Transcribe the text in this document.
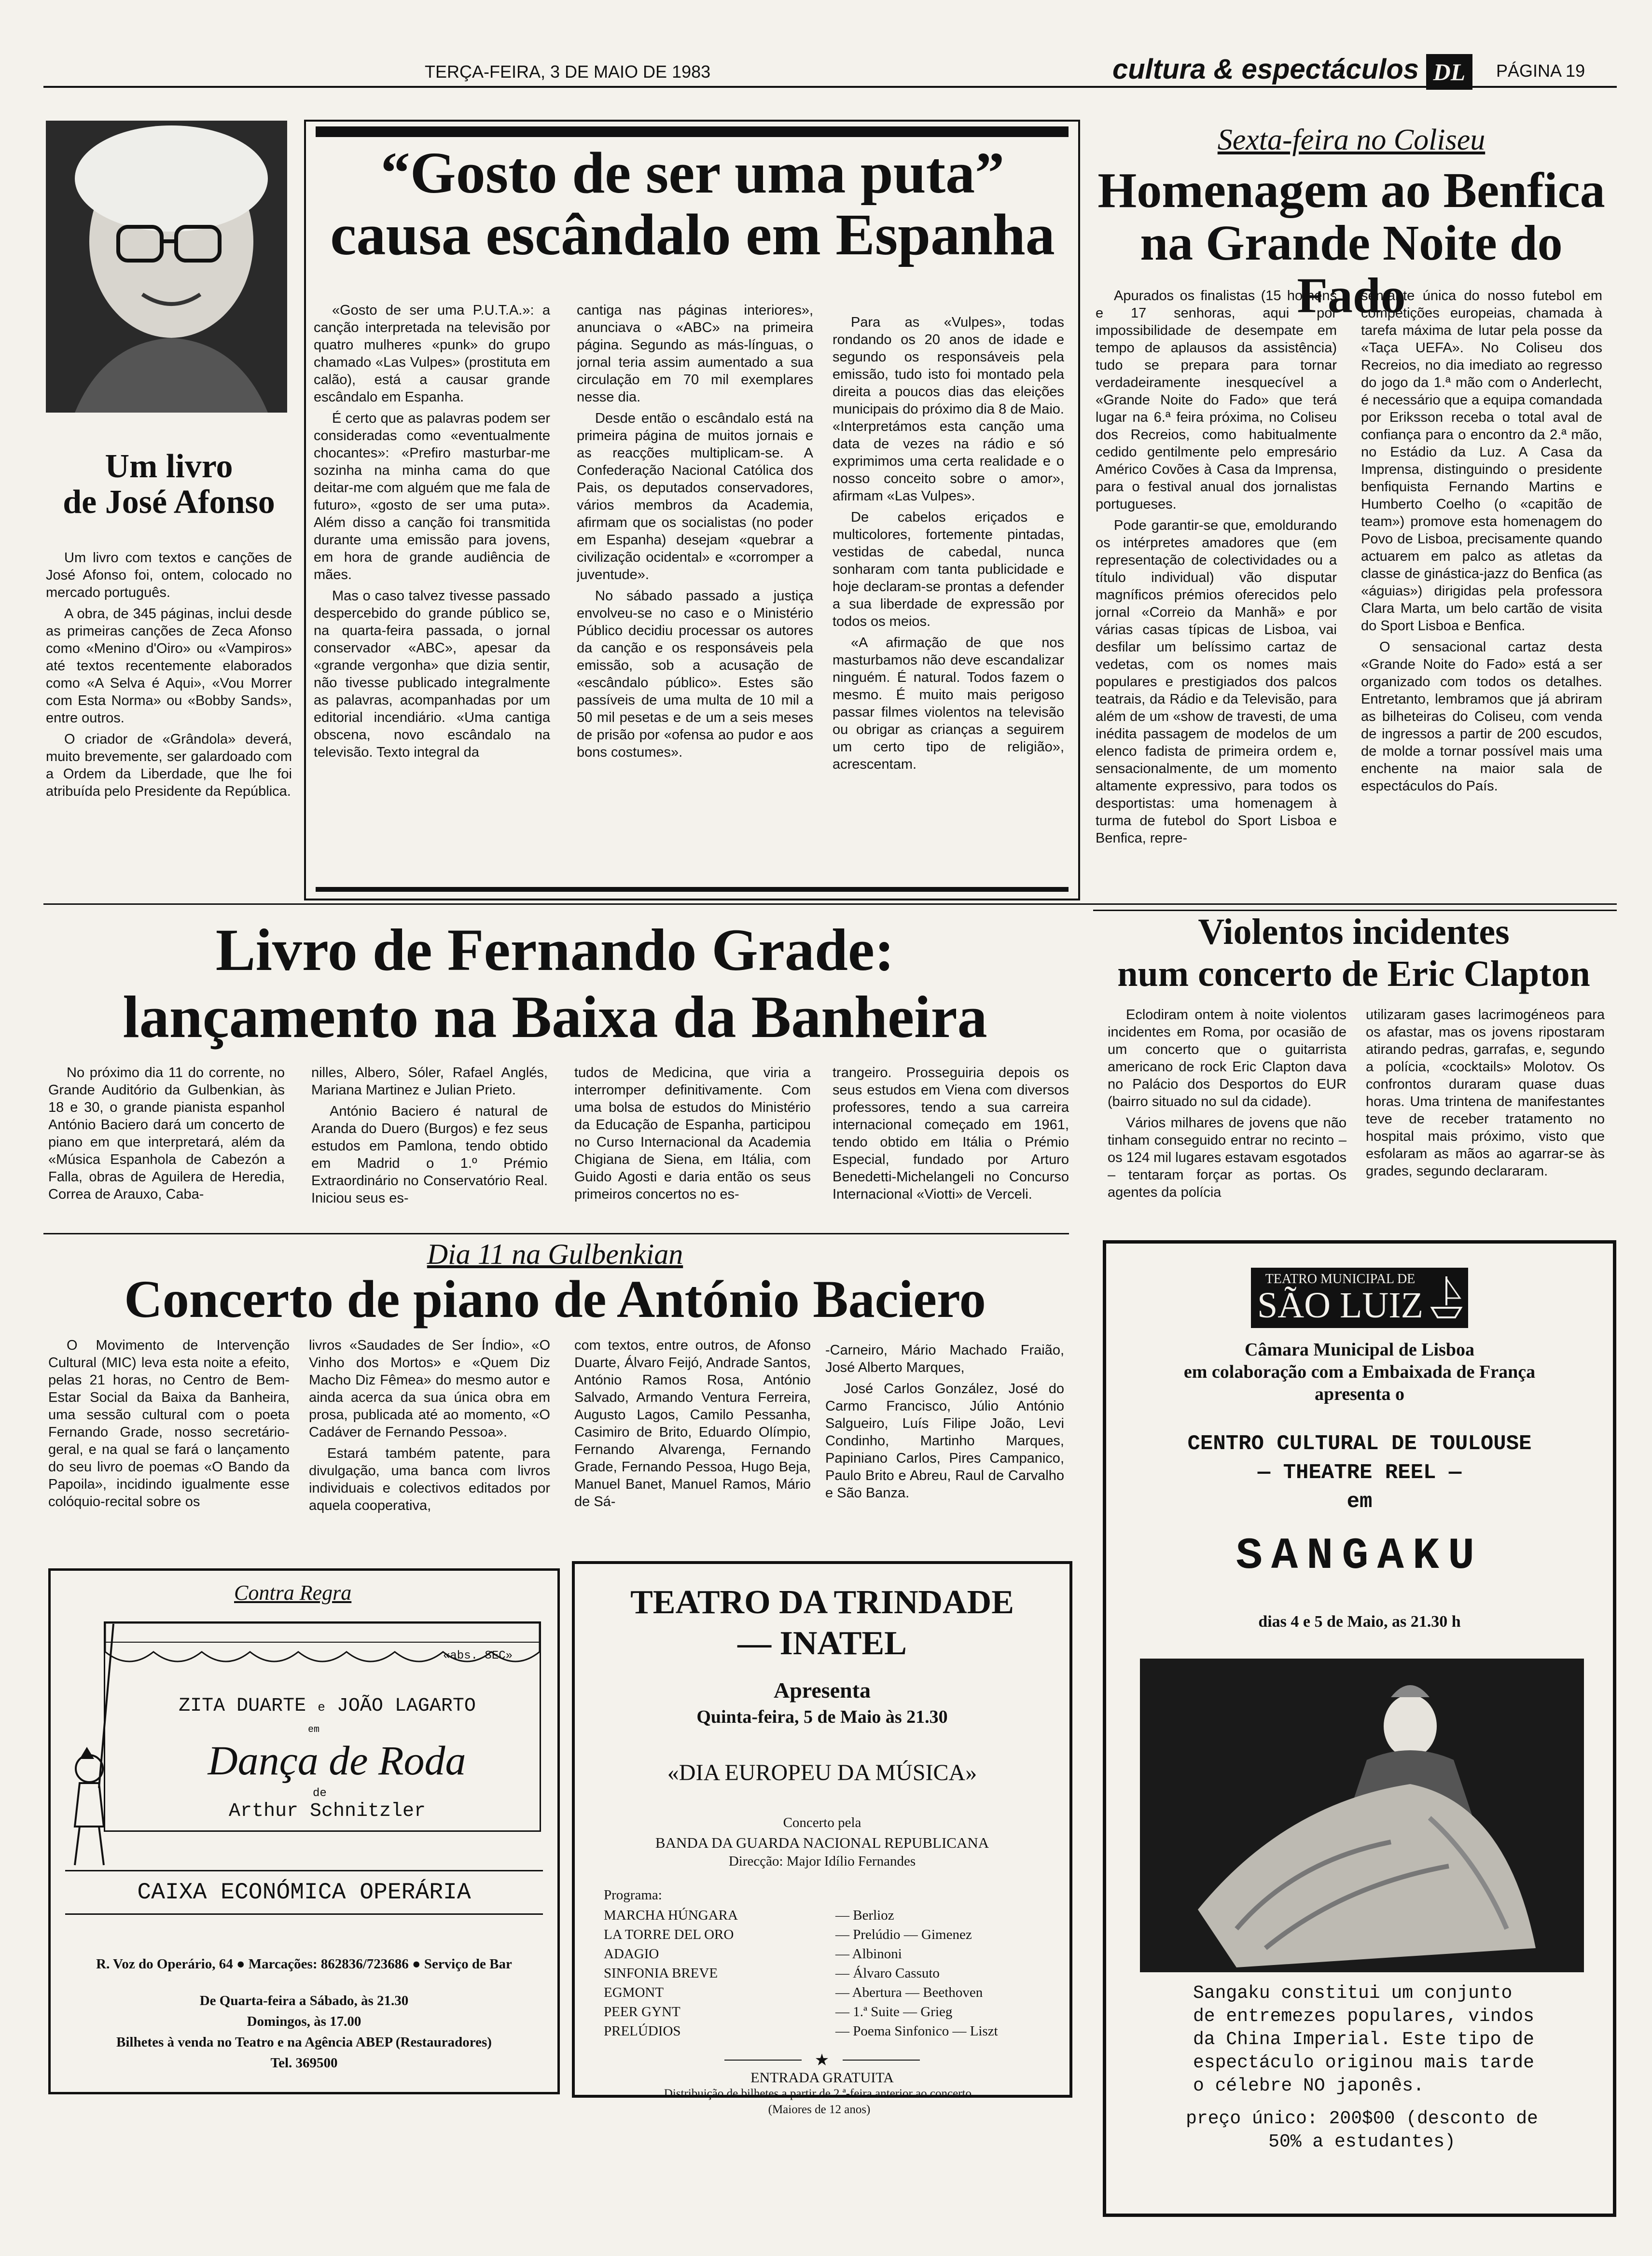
TERÇA-FEIRA, 3 DE MAIO DE 1983	cultura & espectáculos DL	PÁGINA 19
Um livro
de José Afonso

Um livro com textos e canções de José Afonso foi, ontem, colocado no mercado português.

A obra, de 345 páginas, inclui desde as primeiras canções de Zeca Afonso como «Menino d'Oiro» ou «Vampiros» até textos recentemente elaborados como «A Selva é Aqui», «Vou Morrer com Esta Norma» ou «Bobby Sands», entre outros.

O criador de «Grândola» deverá, muito brevemente, ser galardoado com a Ordem da Liberdade, que lhe foi atribuída pelo Presidente da República.

“Gosto de ser uma puta”
causa escândalo em Espanha

«Gosto de ser uma P.U.T.A.»: a canção interpretada na televisão por quatro mulheres «punk» do grupo chamado «Las Vulpes» (prostituta em calão), está a causar grande escândalo em Espanha.

É certo que as palavras podem ser consideradas como «eventualmente chocantes»: «Prefiro masturbar-me sozinha na minha cama do que deitar-me com alguém que me fala de futuro», «gosto de ser uma puta». Além disso a canção foi transmitida durante uma emissão para jovens, em hora de grande audiência de mães.

Mas o caso talvez tivesse passado despercebido do grande público se, na quarta-feira passada, o jornal conservador «ABC», apesar da «grande vergonha» que dizia sentir, não tivesse publicado integralmente as palavras, acompanhadas por um editorial incendiário. «Uma cantiga obscena, novo escândalo na televisão. Texto integral da

cantiga nas páginas interiores», anunciava o «ABC» na primeira página. Segundo as más-línguas, o jornal teria assim aumentado a sua circulação em 70 mil exemplares nesse dia.

Desde então o escândalo está na primeira página de muitos jornais e as reacções multiplicam-se. A Confederação Nacional Católica dos Pais, os deputados conservadores, vários membros da Academia, afirmam que os socialistas (no poder em Espanha) desejam «quebrar a civilização ocidental» e «corromper a juventude».

No sábado passado a justiça envolveu-se no caso e o Ministério Público decidiu processar os autores da canção e os responsáveis pela emissão, sob a acusação de «escândalo público». Estes são passíveis de uma multa de 10 mil a 50 mil pesetas e de um a seis meses de prisão por «ofensa ao pudor e aos bons costumes».

Para as «Vulpes», todas rondando os 20 anos de idade e segundo os responsáveis pela emissão, tudo isto foi montado pela direita a poucos dias das eleições municipais do próximo dia 8 de Maio. «Interpretámos esta canção uma data de vezes na rádio e só exprimimos uma certa realidade e o nosso conceito sobre o amor», afirmam «Las Vulpes».

De cabelos eriçados e multicolores, fortemente pintadas, vestidas de cabedal, nunca sonharam com tanta publicidade e hoje declaram-se prontas a defender a sua liberdade de expressão por todos os meios.

«A afirmação de que nos masturbamos não deve escandalizar ninguém. É natural. Todos fazem o mesmo. É muito mais perigoso passar filmes violentos na televisão ou obrigar as crianças a seguirem um certo tipo de religião», acrescentam.

Sexta-feira no Coliseu
Homenagem ao Benfica
na Grande Noite do Fado

Apurados os finalistas (15 homens e 17 senhoras, aqui por impossibilidade de desempate em tempo de aplausos da assistência) tudo se prepara para tornar verdadeiramente inesquecível a «Grande Noite do Fado» que terá lugar na 6.ª feira próxima, no Coliseu dos Recreios, como habitualmente cedido gentilmente pelo empresário Américo Covões à Casa da Imprensa, para o festival anual dos jornalistas portugueses.

Pode garantir-se que, emoldurando os intérpretes amadores que (em representação de colectividades ou a título individual) vão disputar magníficos prémios oferecidos pelo jornal «Correio da Manhã» e por várias casas típicas de Lisboa, vai desfilar um belíssimo cartaz de vedetas, com os nomes mais populares e prestigiados dos palcos teatrais, da Rádio e da Televisão, para além de um «show de travesti, de uma inédita passagem de modelos de um elenco fadista de primeira ordem e, sensacionalmente, de um momento altamente expressivo, para todos os desportistas: uma homenagem à turma de futebol do Sport Lisboa e Benfica, repre-

sentante única do nosso futebol em competições europeias, chamada à tarefa máxima de lutar pela posse da «Taça UEFA». No Coliseu dos Recreios, no dia imediato ao regresso do jogo da 1.ª mão com o Anderlecht, é necessário que a equipa comandada por Eriksson receba o total aval de confiança para o encontro da 2.ª mão, no Estádio da Luz. A Casa da Imprensa, distinguindo o presidente benfiquista Fernando Martins e Humberto Coelho (o «capitão de team») promove esta homenagem do Povo de Lisboa, precisamente quando actuarem em palco as atletas da classe de ginástica-jazz do Benfica (as «águias») dirigidas pela professora Clara Marta, um belo cartão de visita do Sport Lisboa e Benfica.

O sensacional cartaz desta «Grande Noite do Fado» está a ser organizado com todos os detalhes. Entretanto, lembramos que já abriram as bilheteiras do Coliseu, com venda de ingressos a partir de 200 escudos, de molde a tornar possível mais uma enchente na maior sala de espectáculos do País.

Livro de Fernando Grade:
lançamento na Baixa da Banheira

No próximo dia 11 do corrente, no Grande Auditório da Gulbenkian, às 18 e 30, o grande pianista espanhol António Baciero dará um concerto de piano em que interpretará, além da «Música Espanhola de Cabezón a Falla, obras de Aguilera de Heredia, Correa de Arauxo, Caba-

nilles, Albero, Sóler, Rafael Anglés, Mariana Martinez e Julian Prieto.

António Baciero é natural de Aranda do Duero (Burgos) e fez seus estudos em Pamlona, tendo obtido em Madrid o 1.º Prémio Extraordinário no Conservatório Real. Iniciou seus es-

tudos de Medicina, que viria a interromper definitivamente. Com uma bolsa de estudos do Ministério da Educação de Espanha, participou no Curso Internacional da Academia Chigiana de Siena, em Itália, com Guido Agosti e daria então os seus primeiros concertos no es-

trangeiro. Prosseguiria depois os seus estudos em Viena com diversos professores, tendo a sua carreira internacional começado em 1961, tendo obtido em Itália o Prémio Especial, fundado por Arturo Benedetti-Michelangeli no Concurso Internacional «Viotti» de Verceli.

Violentos incidentes
num concerto de Eric Clapton

Eclodiram ontem à noite violentos incidentes em Roma, por ocasião de um concerto que o guitarrista americano de rock Eric Clapton dava no Palácio dos Desportos do EUR (bairro situado no sul da cidade).

Vários milhares de jovens que não tinham conseguido entrar no recinto – os 124 mil lugares estavam esgotados – tentaram forçar as portas. Os agentes da polícia

utilizaram gases lacrimogéneos para os afastar, mas os jovens ripostaram atirando pedras, garrafas, e, segundo a polícia, «cocktails» Molotov. Os confrontos duraram quase duas horas. Uma trintena de manifestantes teve de receber tratamento no hospital mais próximo, visto que esfolaram as mãos ao agarrar-se às grades, segundo declararam.

Dia 11 na Gulbenkian
Concerto de piano de António Baciero

O Movimento de Intervenção Cultural (MIC) leva esta noite a efeito, pelas 21 horas, no Centro de Bem-Estar Social da Baixa da Banheira, uma sessão cultural com o poeta Fernando Grade, nosso secretário-geral, e na qual se fará o lançamento do seu livro de poemas «O Bando da Papoila», incidindo igualmente esse colóquio-recital sobre os

livros «Saudades de Ser Índio», «O Vinho dos Mortos» e «Quem Diz Macho Diz Fêmea» do mesmo autor e ainda acerca da sua única obra em prosa, publicada até ao momento, «O Cadáver de Fernando Pessoa».

Estará também patente, para divulgação, uma banca com livros individuais e colectivos editados por aquela cooperativa,

com textos, entre outros, de Afonso Duarte, Álvaro Feijó, Andrade Santos, António Ramos Rosa, António Salvado, Armando Ventura Ferreira, Augusto Lagos, Camilo Pessanha, Casimiro de Brito, Eduardo Olímpio, Fernando Alvarenga, Fernando Grade, Fernando Pessoa, Hugo Beja, Manuel Banet, Manuel Ramos, Mário de Sá-

-Carneiro, Mário Machado Fraião, José Alberto Marques,

José Carlos González, José do Carmo Francisco, Júlio António Salgueiro, Luís Filipe João, Levi Condinho, Martinho Marques, Papiniano Carlos, Pires Campanico, Paulo Brito e Abreu, Raul de Carvalho e São Banza.

Contra Regra
«abs. SEC»
ZITA DUARTE e JOÃO LAGARTO
em
Dança de Roda
de
Arthur Schnitzler
CAIXA ECONÓMICA OPERÁRIA
R. Voz do Operário, 64 ● Marcações: 862836/723686 ● Serviço de Bar
De Quarta-feira a Sábado, às 21.30
Domingos, às 17.00
Bilhetes à venda no Teatro e na Agência ABEP (Restauradores)
Tel. 369500
TEATRO DA TRINDADE
— INATEL
Apresenta
Quinta-feira, 5 de Maio às 21.30
«DIA EUROPEU DA MÚSICA»
Concerto pela
BANDA DA GUARDA NACIONAL REPUBLICANA
Direcção: Major Idílio Fernandes
Programa:
MARCHA HÚNGARA	— Berlioz
LA TORRE DEL ORO	— Prelúdio — Gimenez
ADAGIO	— Albinoni
SINFONIA BREVE	— Álvaro Cassuto
EGMONT	— Abertura — Beethoven
PEER GYNT	— 1.ª Suite — Grieg
PRELÚDIOS	— Poema Sinfonico — Liszt
★
ENTRADA GRATUITA
Distribuição de bilhetes a partir de 2.ª-feira anterior ao concerto.
(Maiores de 12 anos)
TEATRO MUNICIPAL DE
SÃO LUIZ
Câmara Municipal de Lisboa
em colaboração com a Embaixada de França
apresenta o
CENTRO CULTURAL DE TOULOUSE
— THEATRE REEL —
em
SANGAKU
dias 4 e 5 de Maio, as 21.30 h
Sangaku constitui um conjunto de entremezes populares, vindos da China Imperial. Este tipo de espectáculo originou mais tarde o célebre NO japonês.
preço único: 200$00 (desconto de 50% a estudantes)
